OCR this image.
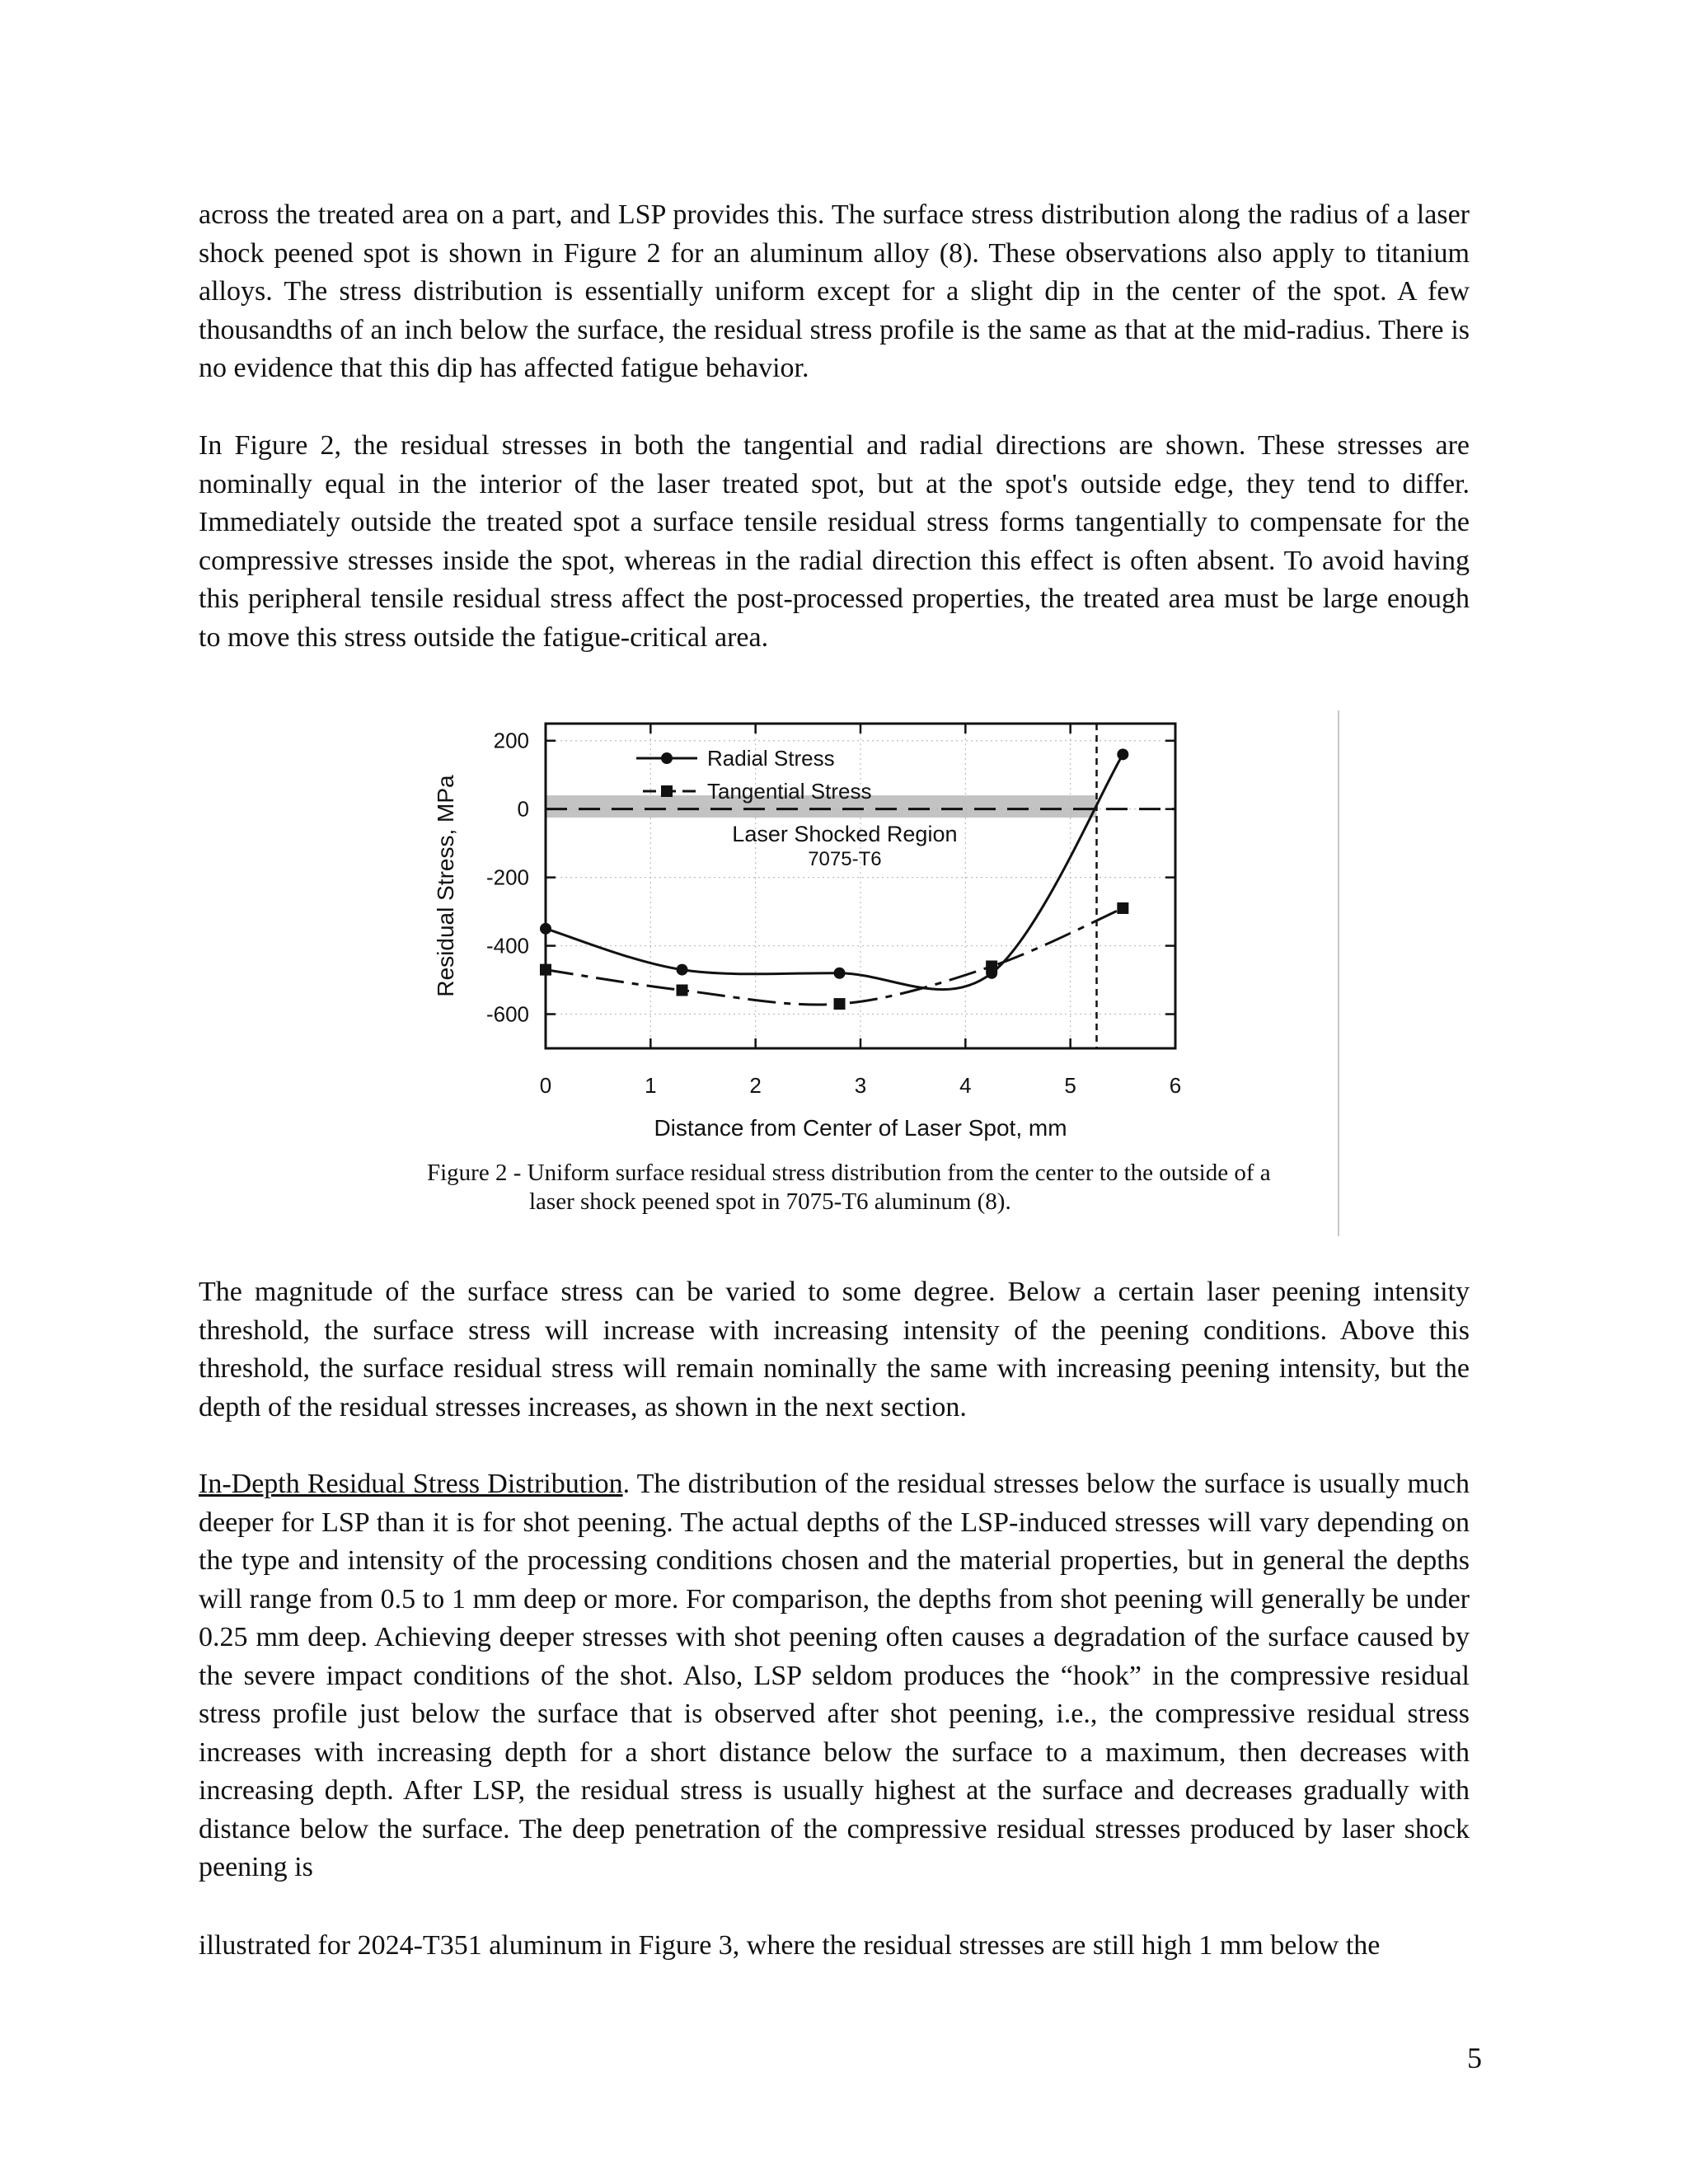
across the treated area on a part, and LSP provides this. The surface stress distribution along the radius of a laser shock peened spot is shown in Figure 2 for an aluminum alloy (8). These observations also apply to titanium alloys. The stress distribution is essentially uniform except for a slight dip in the center of the spot. A few thousandths of an inch below the surface, the residual stress profile is the same as that at the mid-radius. There is no evidence that this dip has affected fatigue behavior.

In Figure 2, the residual stresses in both the tangential and radial directions are shown. These stresses are nominally equal in the interior of the laser treated spot, but at the spot's outside edge, they tend to differ. Immediately outside the treated spot a surface tensile residual stress forms tangentially to compensate for the compressive stresses inside the spot, whereas in the radial direction this effect is often absent. To avoid having this peripheral tensile residual stress affect the post-processed properties, the treated area must be large enough to move this stress outside the fatigue-critical area.

0	1	2	3	4	5	6
200
0
-200
-400
-600
Distance from Center of Laser Spot, mm
Residual Stress, MPa	Laser Shocked Region
7075-T6
Radial Stress
Tangential Stress

Figure 2 - Uniform surface residual stress distribution from the center to the outside of a
laser shock peened spot in 7075-T6 aluminum (8).

The magnitude of the surface stress can be varied to some degree. Below a certain laser peening intensity threshold, the surface stress will increase with increasing intensity of the peening conditions. Above this threshold, the surface residual stress will remain nominally the same with increasing peening intensity, but the depth of the residual stresses increases, as shown in the next section.

In-Depth Residual Stress Distribution. The distribution of the residual stresses below the surface is usually much deeper for LSP than it is for shot peening. The actual depths of the LSP-induced stresses will vary depending on the type and intensity of the processing conditions chosen and the material properties, but in general the depths will range from 0.5 to 1 mm deep or more. For comparison, the depths from shot peening will generally be under 0.25 mm deep. Achieving deeper stresses with shot peening often causes a degradation of the surface caused by the severe impact conditions of the shot. Also, LSP seldom produces the “hook” in the compressive residual stress profile just below the surface that is observed after shot peening, i.e., the compressive residual stress increases with increasing depth for a short distance below the surface to a maximum, then decreases with increasing depth. After LSP, the residual stress is usually highest at the surface and decreases gradually with distance below the surface. The deep penetration of the compressive residual stresses produced by laser shock peening is

illustrated for 2024-T351 aluminum in Figure 3, where the residual stresses are still high 1 mm below the

5
